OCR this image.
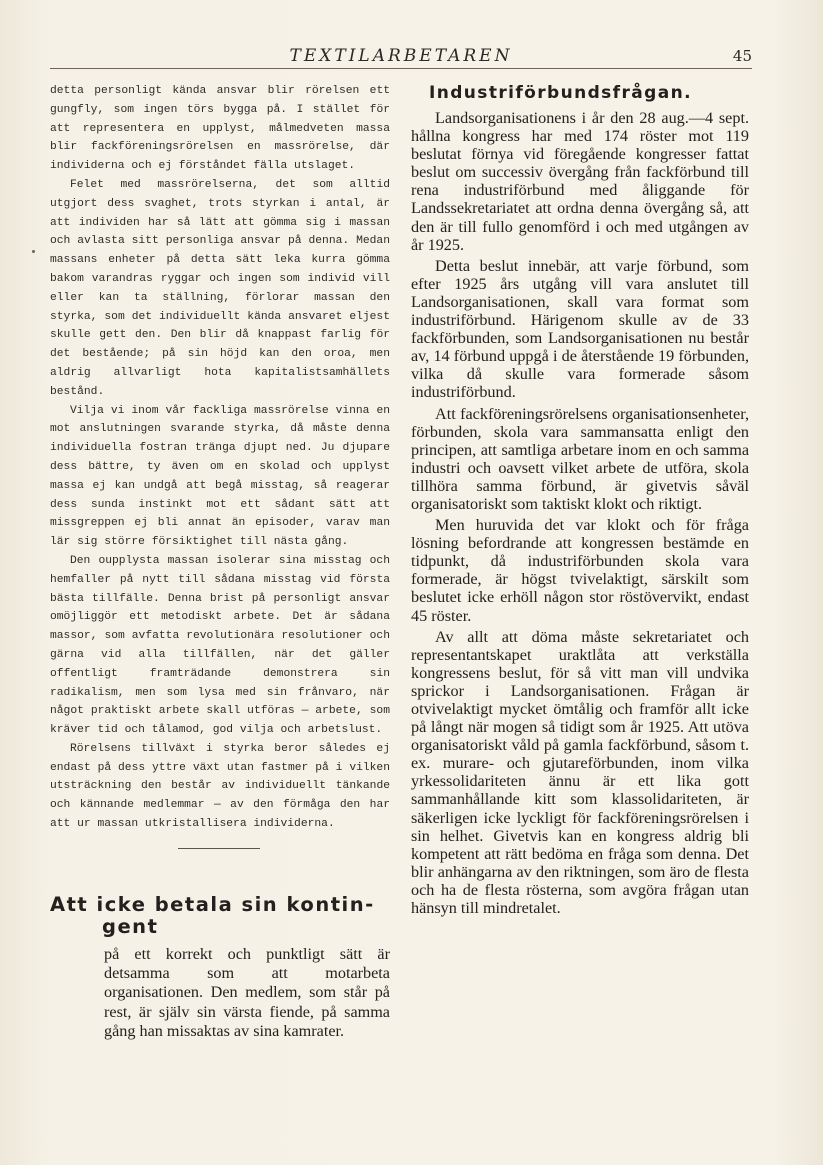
TEXTILARBETAREN	45

detta personligt kända ansvar blir rörelsen ett gungfly, som ingen törs bygga på. I stället för att representera en upplyst, målmedveten massa blir fackföreningsrörelsen en massrörelse, där individerna och ej förståndet fälla utslaget.

Felet med massrörelserna, det som alltid utgjort dess svaghet, trots styrkan i antal, är att individen har så lätt att gömma sig i massan och avlasta sitt personliga ansvar på denna. Medan massans enheter på detta sätt leka kurra gömma bakom varandras ryggar och ingen som individ vill eller kan ta ställning, förlorar massan den styrka, som det individuellt kända ansvaret eljest skulle gett den. Den blir då knappast farlig för det bestående; på sin höjd kan den oroa, men aldrig allvarligt hota kapitalistsamhällets bestånd.

Vilja vi inom vår fackliga massrörelse vinna en mot anslutningen svarande styrka, då måste denna individuella fostran tränga djupt ned. Ju djupare dess bättre, ty även om en skolad och upplyst massa ej kan undgå att begå misstag, så reagerar dess sunda instinkt mot ett sådant sätt att missgreppen ej bli annat än episoder, varav man lär sig större försiktighet till nästa gång.

Den oupplysta massan isolerar sina misstag och hemfaller på nytt till sådana misstag vid första bästa tillfälle. Denna brist på personligt ansvar omöjliggör ett metodiskt arbete. Det är sådana massor, som avfatta revolutionära resolutioner och gärna vid alla tillfällen, när det gäller offentligt framträdande demonstrera sin radikalism, men som lysa med sin frånvaro, när något praktiskt arbete skall utföras — arbete, som kräver tid och tålamod, god vilja och arbetslust.

Rörelsens tillväxt i styrka beror således ej endast på dess yttre växt utan fastmer på i vilken utsträckning den består av individuellt tänkande och kännande medlemmar — av den förmåga den har att ur massan utkristallisera individerna.

Att icke betala sin kontin-
gent

på ett korrekt och punktligt sätt är detsamma som att motarbeta organisationen. Den medlem, som står på rest, är själv sin värsta fiende, på samma gång han missaktas av sina kamrater.

Industriförbundsfrågan.

Landsorganisationens i år den 28 aug.—4 sept. hållna kongress har med 174 röster mot 119 beslutat förnya vid föregående kongresser fattat beslut om successiv övergång från fackförbund till rena industriförbund med åliggande för Landssekretariatet att ordna denna övergång så, att den är till fullo genomförd i och med utgången av år 1925.

Detta beslut innebär, att varje förbund, som efter 1925 års utgång vill vara anslutet till Landsorganisationen, skall vara format som industriförbund. Härigenom skulle av de 33 fackförbunden, som Landsorganisationen nu består av, 14 förbund uppgå i de återstående 19 förbunden, vilka då skulle vara formerade såsom industriförbund.

Att fackföreningsrörelsens organisationsenheter, förbunden, skola vara sammansatta enligt den principen, att samtliga arbetare inom en och samma industri och oavsett vilket arbete de utföra, skola tillhöra samma förbund, är givetvis såväl organisatoriskt som taktiskt klokt och riktigt.

Men huruvida det var klokt och för fråga lösning befordrande att kongressen bestämde en tidpunkt, då industriförbunden skola vara formerade, är högst tvivelaktigt, särskilt som beslutet icke erhöll någon stor röstövervikt, endast 45 röster.

Av allt att döma måste sekretariatet och representantskapet uraktlåta att verkställa kongressens beslut, för så vitt man vill undvika sprickor i Landsorganisationen. Frågan är otvivelaktigt mycket ömtålig och framför allt icke på långt när mogen så tidigt som år 1925. Att utöva organisatoriskt våld på gamla fackförbund, såsom t. ex. murare- och gjutareförbunden, inom vilka yrkessolidariteten ännu är ett lika gott sammanhållande kitt som klassolidariteten, är säkerligen icke lyckligt för fackföreningsrörelsen i sin helhet. Givetvis kan en kongress aldrig bli kompetent att rätt bedöma en fråga som denna. Det blir anhängarna av den riktningen, som äro de flesta och ha de flesta rösterna, som avgöra frågan utan hänsyn till mindretalet.
